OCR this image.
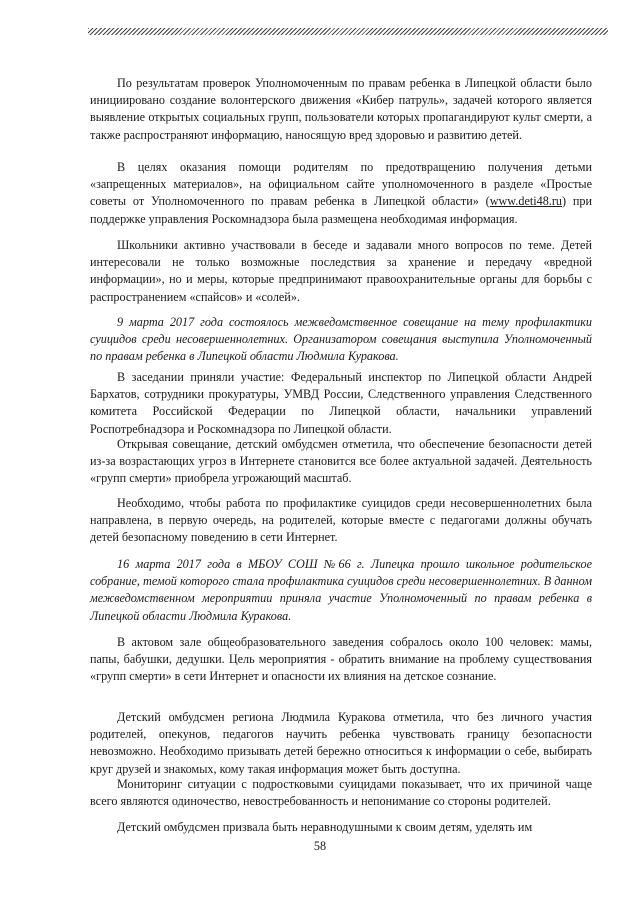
По результатам проверок Уполномоченным по правам ребенка в Липецкой области было инициировано создание волонтерского движения «Кибер патруль», задачей которого является выявление открытых социальных групп, пользователи которых пропагандируют культ смерти, а также распространяют информацию, наносящую вред здоровью и развитию детей.

В целях оказания помощи родителям по предотвращению получения детьми «запрещенных материалов», на официальном сайте уполномоченного в разделе «Простые советы от Уполномоченного по правам ребенка в Липецкой области» (www.deti48.ru) при поддержке управления Роскомнадзора была размещена необходимая информация.

Школьники активно участвовали в беседе и задавали много вопросов по теме. Детей интересовали не только возможные последствия за хранение и передачу «вредной информации», но и меры, которые предпринимают правоохранительные органы для борьбы с распространением «спайсов» и «солей».

9 марта 2017 года состоялось межведомственное совещание на тему профилактики суицидов среди несовершеннолетних. Организатором совещания выступила Уполномоченный по правам ребенка в Липецкой области Людмила Куракова.

В заседании приняли участие: Федеральный инспектор по Липецкой области Андрей Бархатов, сотрудники прокуратуры, УМВД России, Следственного управления Следственного комитета Российской Федерации по Липецкой области, начальники управлений Роспотребнадзора и Роскомнадзора по Липецкой области.

Открывая совещание, детский омбудсмен отметила, что обеспечение безопасности детей из-за возрастающих угроз в Интернете становится все более актуальной задачей. Деятельность «групп смерти» приобрела угрожающий масштаб.

Необходимо, чтобы работа по профилактике суицидов среди несовершеннолетних была направлена, в первую очередь, на родителей, которые вместе с педагогами должны обучать детей безопасному поведению в сети Интернет.

16 марта 2017 года в МБОУ СОШ №66 г. Липецка прошло школьное родительское собрание, темой которого стала профилактика суицидов среди несовершеннолетних. В данном межведомственном мероприятии приняла участие Уполномоченный по правам ребенка в Липецкой области Людмила Куракова.

В актовом зале общеобразовательного заведения собралось около 100 человек: мамы, папы, бабушки, дедушки. Цель мероприятия - обратить внимание на проблему существования «групп смерти» в сети Интернет и опасности их влияния на детское сознание.

Детский омбудсмен региона Людмила Куракова отметила, что без личного участия родителей, опекунов, педагогов научить ребенка чувствовать границу безопасности невозможно. Необходимо призывать детей бережно относиться к информации о себе, выбирать круг друзей и знакомых, кому такая информация может быть доступна.

Мониторинг ситуации с подростковыми суицидами показывает, что их причиной чаще всего являются одиночество, невостребованность и непонимание со стороны родителей.

Детский омбудсмен призвала быть неравнодушными к своим детям, уделять им

58
